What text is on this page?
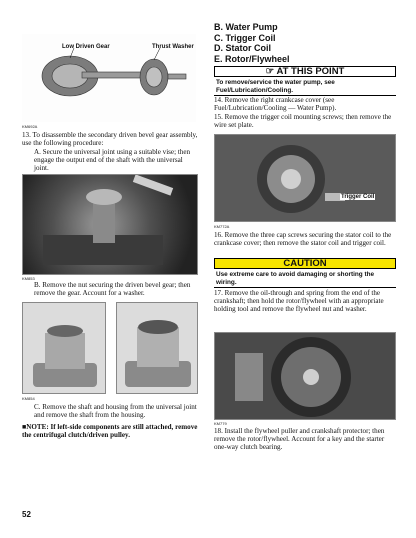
Low Driven Gear	Thrust Washer
KM692A
13. To disassemble the secondary driven bevel gear assembly, use the following procedure:
A. Secure the universal joint using a suitable vise; then engage the output end of the shaft with the universal joint.
KM853
B. Remove the nut securing the driven bevel gear; then remove the gear. Account for a washer.
KM854
C. Remove the shaft and housing from the universal joint and remove the shaft from the housing.
■NOTE: If left-side components are still attached, remove the centrifugal clutch/driven pulley.
52
B. Water Pump
C. Trigger Coil
D. Stator Coil
E. Rotor/Flywheel
☞ AT THIS POINT
To remove/service the water pump, see Fuel/Lubrication/Cooling.
14. Remove the right crankcase cover (see Fuel/Lubrication/Cooling — Water Pump).
15. Remove the trigger coil mounting screws; then remove the wire set plate.
Trigger Coil
KM772A
16. Remove the three cap screws securing the stator coil to the crankcase cover; then remove the stator coil and trigger coil.
CAUTION
Use extreme care to avoid damaging or shorting the wiring.
17. Remove the oil-through and spring from the end of the crankshaft; then hold the rotor/flywheel with an appropriate holding tool and remove the flywheel nut and washer.
KM779
18. Install the flywheel puller and crankshaft protector; then remove the rotor/flywheel. Account for a key and the starter one-way clutch bearing.
